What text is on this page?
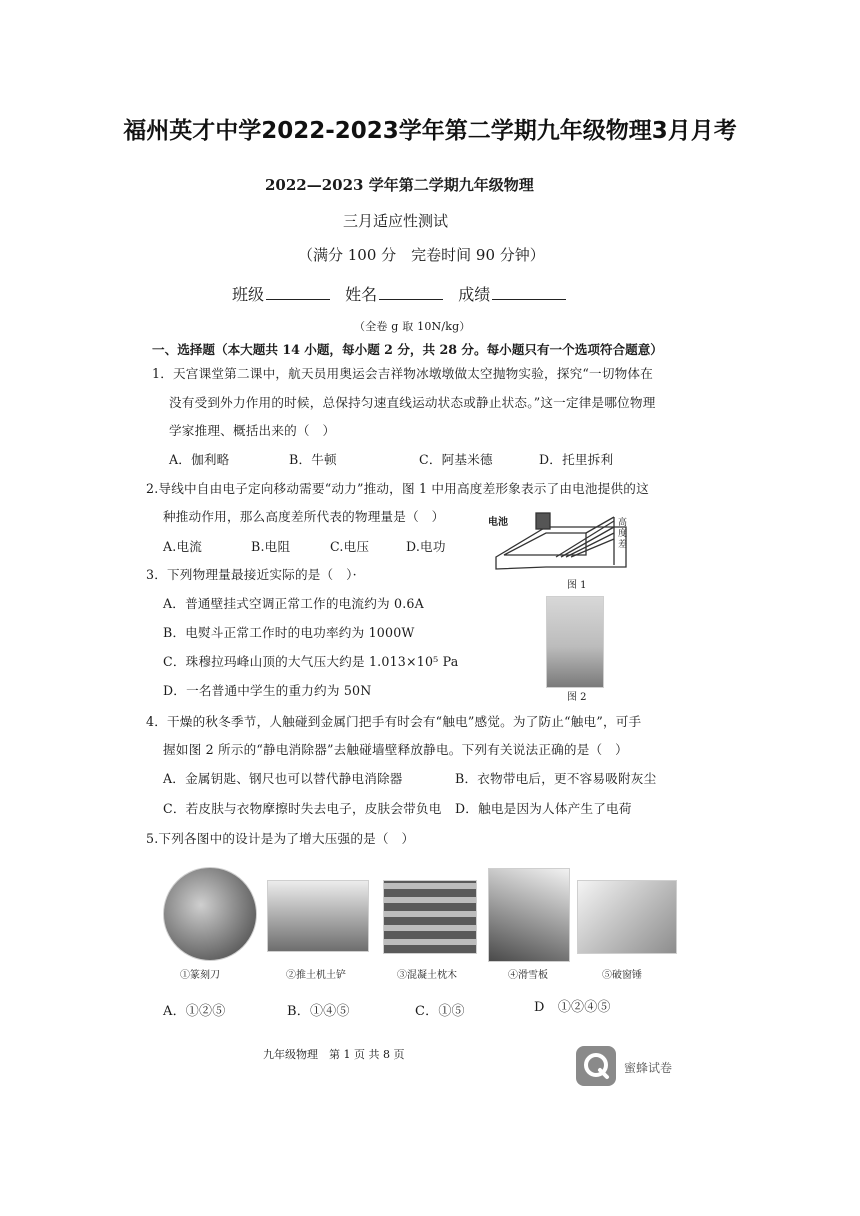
福州英才中学2022-2023学年第二学期九年级物理3月月考
2022—2023 学年第二学期九年级物理
三月适应性测试
（满分 100 分　完卷时间 90 分钟）
班级	姓名	成绩
（全卷 g 取 10N/kg）
一、选择题（本大题共 14 小题，每小题 2 分，共 28 分。每小题只有一个选项符合题意）
1．天宫课堂第二课中，航天员用奥运会吉祥物冰墩墩做太空抛物实验，探究“一切物体在
没有受到外力作用的时候，总保持匀速直线运动状态或静止状态。”这一定律是哪位物理
学家推理、概括出来的（　）
A．伽利略	B．牛顿	C．阿基米德	D．托里拆利
2.导线中自由电子定向移动需要“动力”推动，图 1 中用高度差形象表示了由电池提供的这
种推动作用，那么高度差所代表的物理量是（　）
A.电流	B.电阻	C.电压	D.电功
电池	高度差
图 1
3．下列物理量最接近实际的是（　）·
A．普通壁挂式空调正常工作的电流约为 0.6A
B．电熨斗正常工作时的电功率约为 1000W
C．珠穆拉玛峰山顶的大气压大约是 1.013×10⁵ Pa
D．一名普通中学生的重力约为 50N	图 2
4．干燥的秋冬季节，人触碰到金属门把手有时会有“触电”感觉。为了防止“触电”，可手
握如图 2 所示的“静电消除器”去触碰墙壁释放静电。下列有关说法正确的是（　）
A．金属钥匙、钢尺也可以替代静电消除器	B．衣物带电后，更不容易吸附灰尘
C．若皮肤与衣物摩擦时失去电子，皮肤会带负电 D．触电是因为人体产生了电荷
5.下列各图中的设计是为了增大压强的是（　）
①篆刻刀	②推土机土铲	③混凝土枕木	④滑雪板	⑤破窗锤
A．①②⑤	B．①④⑤	C．①⑤	D　①②④⑤
九年级物理　第 1 页 共 8 页
蜜蜂试卷
